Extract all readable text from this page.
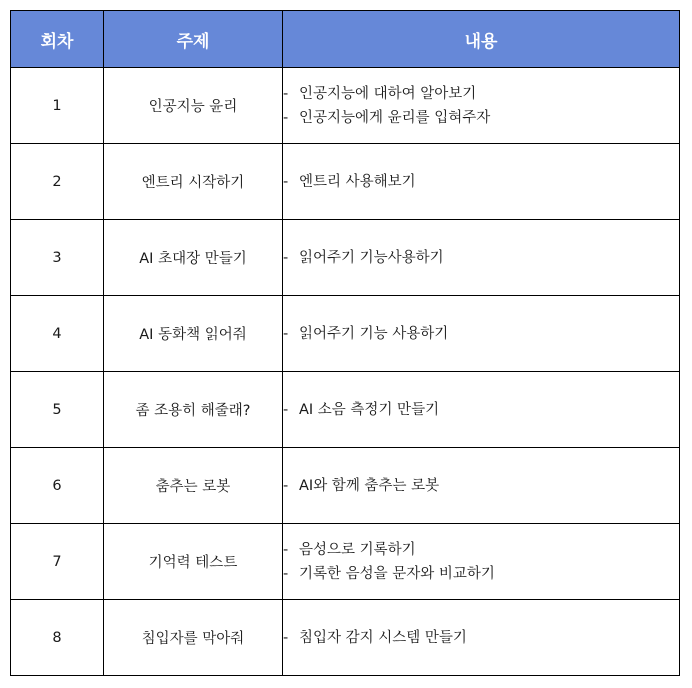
회차	주제	내용
1	인공지능 윤리	- 인공지능에 대하여 알아보기
- 인공지능에게 윤리를 입혀주자

2	엔트리 시작하기	- 엔트리 사용해보기

3	AI 초대장 만들기	- 읽어주기 기능사용하기

4	AI 동화책 읽어줘	- 읽어주기 기능 사용하기

5	좀 조용히 해줄래?	- AI 소음 측정기 만들기

6	춤추는 로봇	- AI와 함께 춤추는 로봇

7	기억력 테스트	- 음성으로 기록하기
- 기록한 음성을 문자와 비교하기

8	침입자를 막아줘	- 침입자 감지 시스템 만들기
